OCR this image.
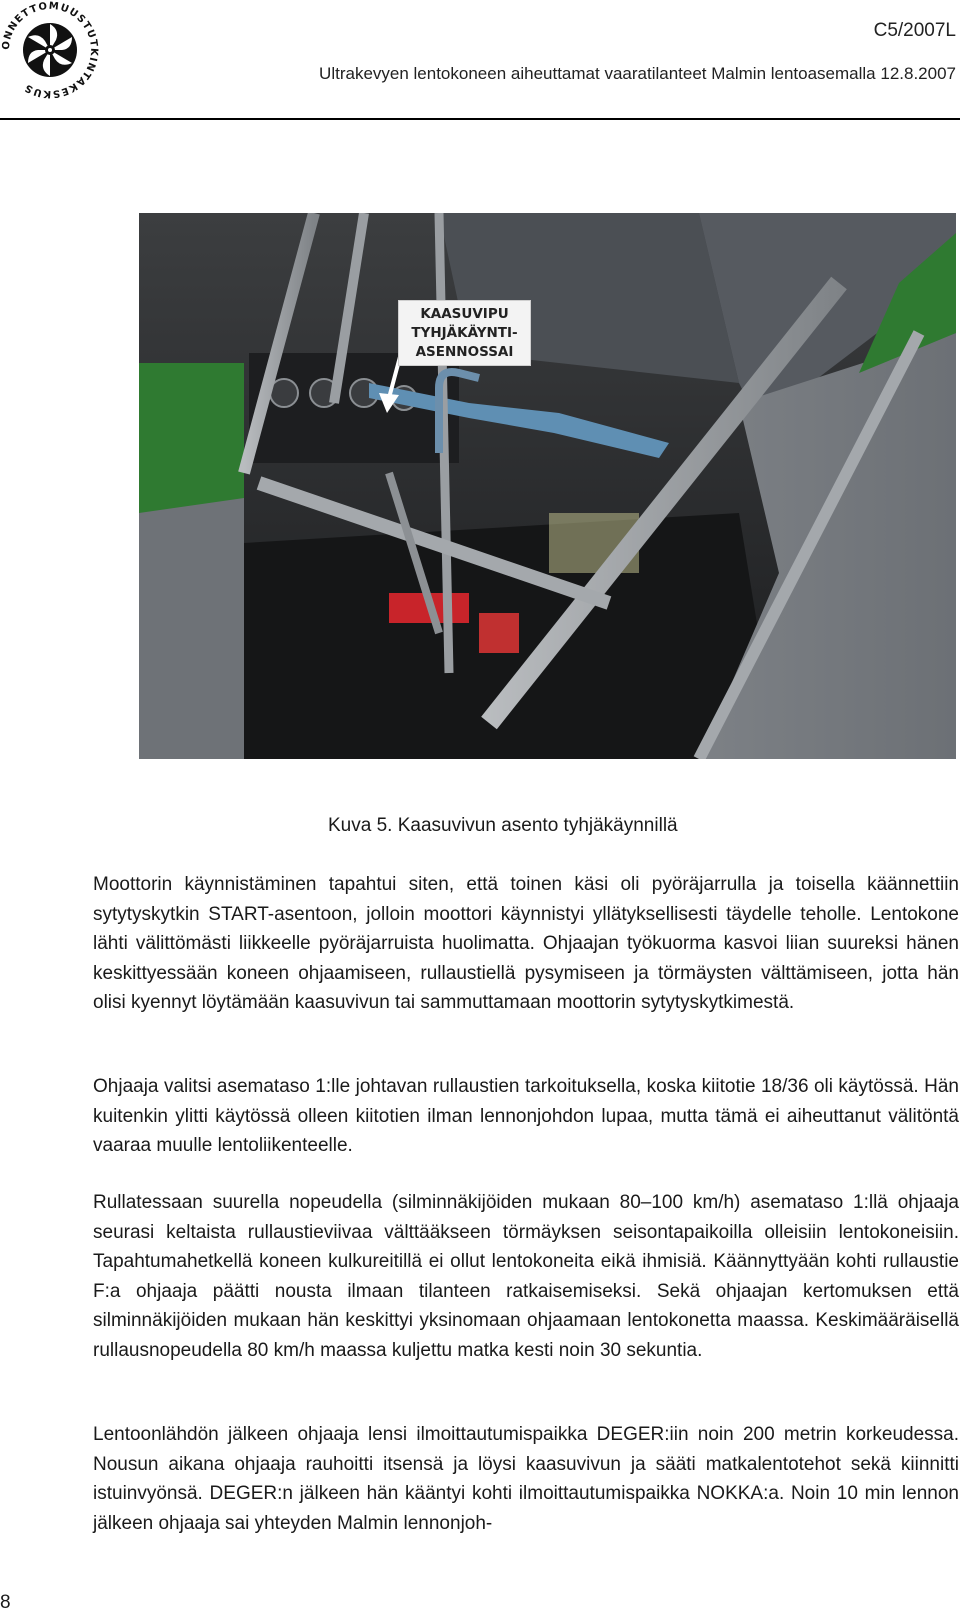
ONNETTOMUUSTUTKINTAKESKUS
C5/2007L
Ultrakevyen lentokoneen aiheuttamat vaaratilanteet Malmin lentoasemalla 12.8.2007
KAASUVIPU
TYHJÄKÄYNTI-
ASENNOSSAI
Kuva 5. Kaasuvivun asento tyhjäkäynnillä

Moottorin käynnistäminen tapahtui siten, että toinen käsi oli pyöräjarrulla ja toisella käännettiin sytytyskytkin START-asentoon, jolloin moottori käynnistyi yllätyksellisesti täydelle teholle. Lentokone lähti välittömästi liikkeelle pyöräjarruista huolimatta. Ohjaajan työkuorma kasvoi liian suureksi hänen keskittyessään koneen ohjaamiseen, rullaustiellä pysymiseen ja törmäysten välttämiseen, jotta hän olisi kyennyt löytämään kaasuvivun tai sammuttamaan moottorin sytytyskytkimestä.

Ohjaaja valitsi asemataso 1:lle johtavan rullaustien tarkoituksella, koska kiitotie 18/36 oli käytössä. Hän kuitenkin ylitti käytössä olleen kiitotien ilman lennonjohdon lupaa, mutta tämä ei aiheuttanut välitöntä vaaraa muulle lentoliikenteelle.

Rullatessaan suurella nopeudella (silminnäkijöiden mukaan 80–100 km/h) asemataso 1:llä ohjaaja seurasi keltaista rullaustieviivaa välttääkseen törmäyksen seisontapaikoilla olleisiin lentokoneisiin. Tapahtumahetkellä koneen kulkureitillä ei ollut lentokoneita eikä ihmisiä. Käännyttyään kohti rullaustie F:a ohjaaja päätti nousta ilmaan tilanteen ratkaisemiseksi. Sekä ohjaajan kertomuksen että silminnäkijöiden mukaan hän keskittyi yksinomaan ohjaamaan lentokonetta maassa. Keskimääräisellä rullausnopeudella 80 km/h maassa kuljettu matka kesti noin 30 sekuntia.

Lentoonlähdön jälkeen ohjaaja lensi ilmoittautumispaikka DEGER:iin noin 200 metrin korkeudessa. Nousun aikana ohjaaja rauhoitti itsensä ja löysi kaasuvivun ja sääti matkalentotehot sekä kiinnitti istuinvyönsä. DEGER:n jälkeen hän kääntyi kohti ilmoittautumispaikka NOKKA:a. Noin 10 min lennon jälkeen ohjaaja sai yhteyden Malmin lennonjoh-

8
